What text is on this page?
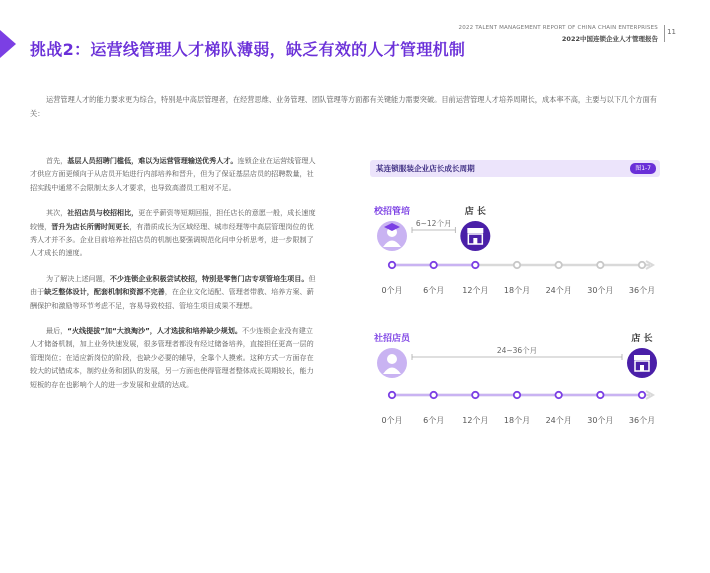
挑战2：运营线管理人才梯队薄弱，缺乏有效的人才管理机制
2022 TALENT MANAGEMENT REPORT OF CHINA CHAIN ENTERPRISES
2022中国连锁企业人才管理报告
11
运营管理人才的能力要求更为综合，特别是中高层管理者，在经营思维、业务管理、团队管理等方面都有关键能力需要突破。目前运营管理人才培养周期长，成本率不高，主要与以下几个方面有关：

首先，基层人员招聘门槛低，难以为运营管理输送优秀人才。连锁企业在运营线管理人才供应方面更倾向于从店员开始进行内部培养和晋升，但为了保证基层店员的招聘数量，社招实践中通常不会限制太多人才要求，也导致高潜员工相对不足。

其次，社招店员与校招相比，更在乎薪资等短期回报，担任店长的意愿一般，成长速度较慢，晋升为店长所需时间更长，有潜质成长为区域经理、城市经理等中高层管理岗位的优秀人才并不多。企业目前培养社招店员的机制也要强调规范化问申分析思考，进一步限制了人才成长的速度。

为了解决上述问题，不少连锁企业积极尝试校招，特别是零售门店专项管培生项目。但由于缺乏整体设计，配套机制和资源不完善，在企业文化适配、管理者带教、培养方案、薪酬保护和激励等环节考虑不足，容易导致校招、管培生项目成果不理想。

最后，“火线提拔”加“大浪淘沙”，人才选拔和培养缺少规划。不少连锁企业没有建立人才储备机制，加上业务快速发展，很多管理者都没有经过储备培养，直接担任更高一层的管理岗位；在适应新岗位的阶段，也缺少必要的辅导，全靠个人摸索。这种方式一方面存在较大的试错成本，制约业务和团队的发展，另一方面也使得管理者整体成长周期较长，能力短板的存在也影响个人的进一步发展和业绩的达成。

某连锁服装企业店长成长周期	图1-7
0个月	6个月 12个月 18个月 24个月 30个月 36个月
校招管培	店 长
6~12个月
0个月	6个月 12个月 18个月 24个月 30个月 36个月
社招店员	店 长
24~36个月
